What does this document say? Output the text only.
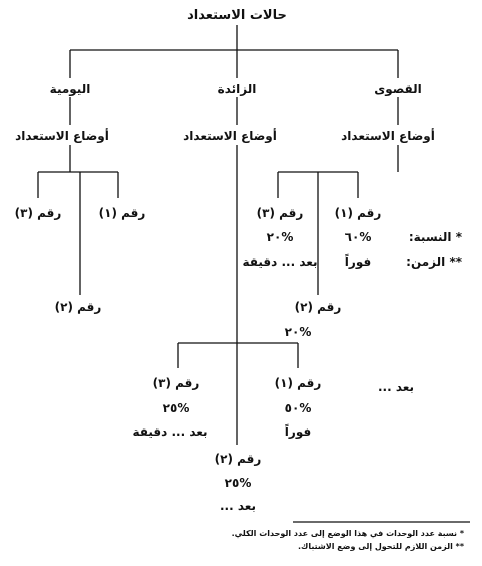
حالات الاستعداد
اليومية	الزائدة	القصوى
أوضاع الاستعداد	أوضاع الاستعداد	أوضاع الاستعداد
رقم (١)
رقم (٣)
رقم (٢)
رقم (١)
%٦٠
فوراً
رقم (٣)
%٢٠
بعد ... دقيقة
رقم (٢)
%٢٠
* النسبة:
** الزمن:
رقم (١)
%٥٠
فوراً
رقم (٣)
%٢٥
بعد ... دقيقة
رقم (٢)
%٢٥
بعد ...
بعد ...
* نسبة عدد الوحدات في هذا الوضع إلى عدد الوحدات الكلي.
** الزمن اللازم للتحول إلى وضع الاشتباك.
